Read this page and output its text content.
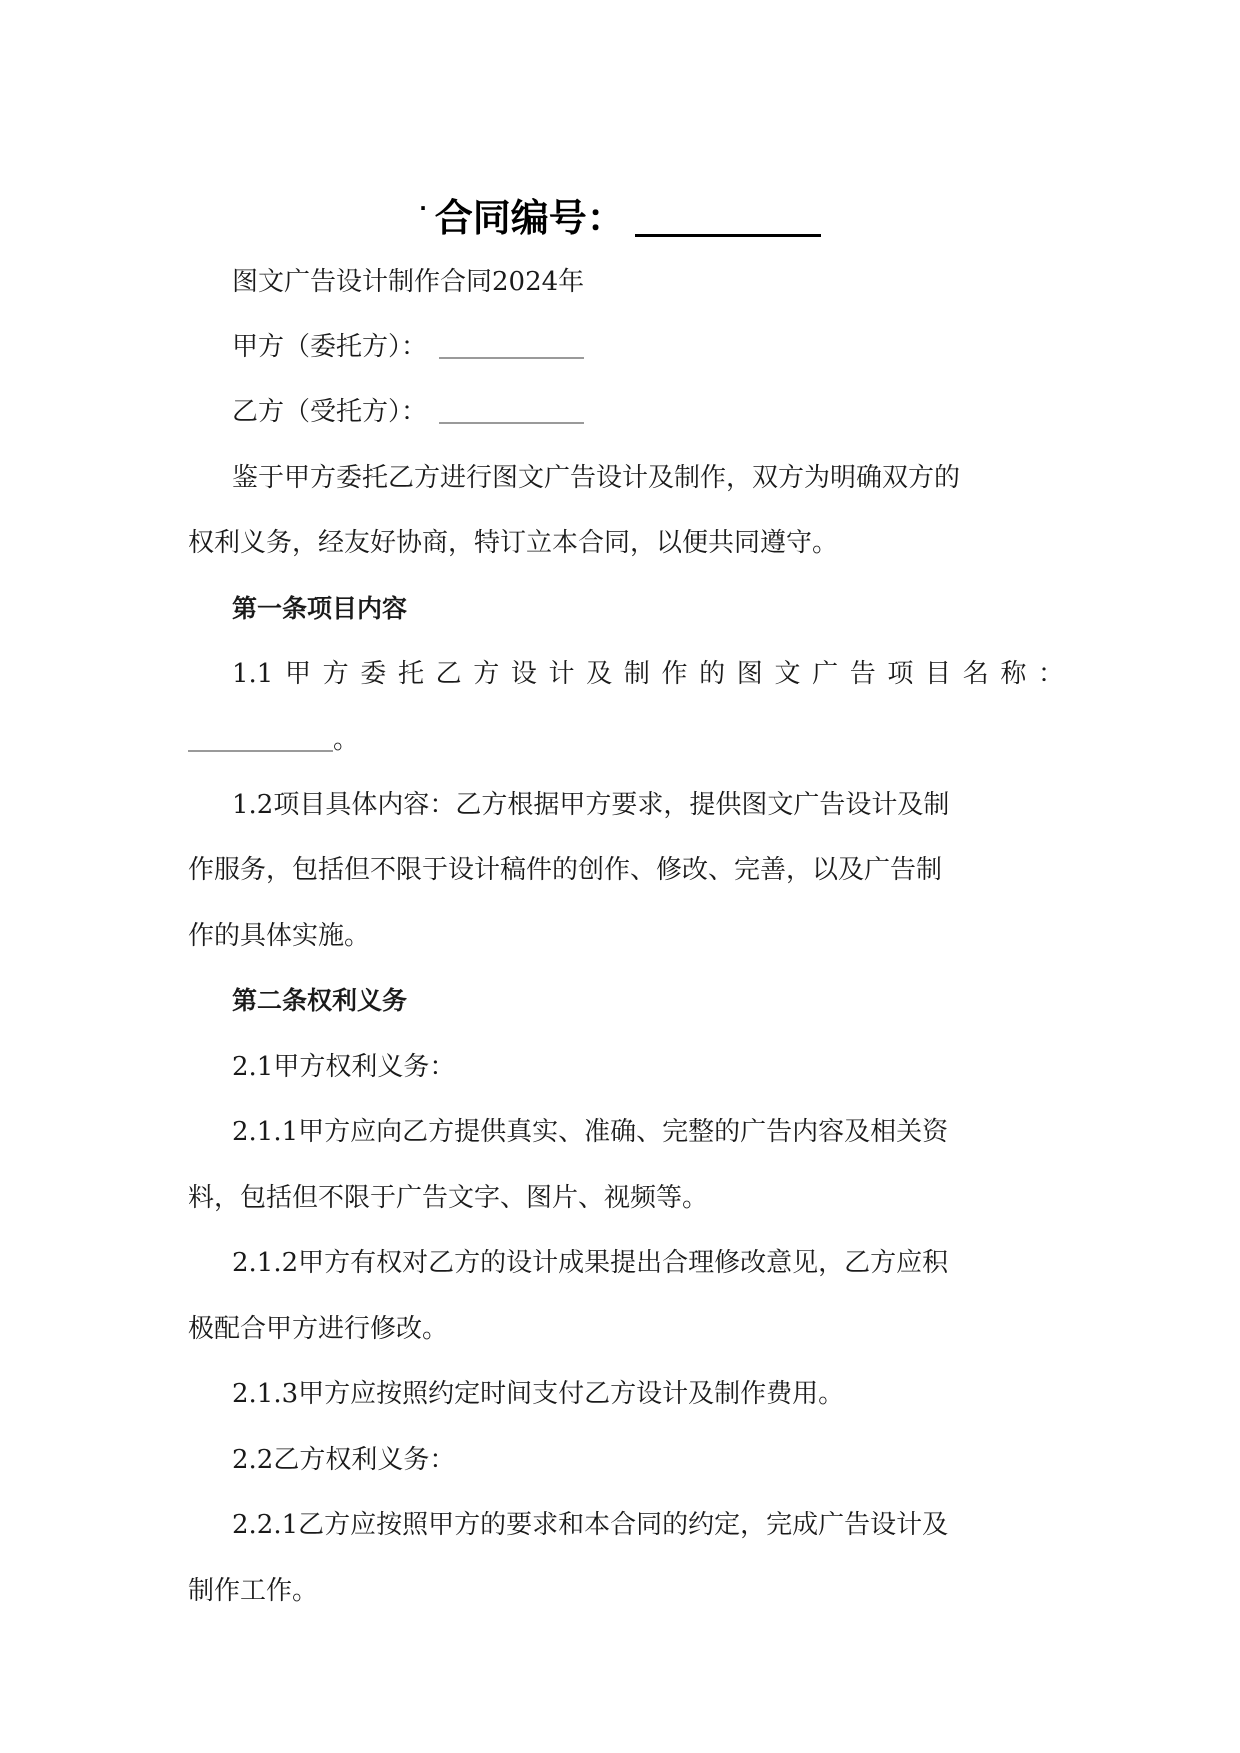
· 合同编号：
图文广告设计制作合同2024年
甲方（委托方）：
乙方（受托方）：
鉴于甲方委托乙方进行图文广告设计及制作，双方为明确双方的
权利义务，经友好协商，特订立本合同，以便共同遵守。
第一条项目内容
1.1甲方委托乙方设计及制作的图文广告项目名称：
。
1.2项目具体内容：乙方根据甲方要求，提供图文广告设计及制
作服务，包括但不限于设计稿件的创作、修改、完善，以及广告制
作的具体实施。
第二条权利义务
2.1甲方权利义务：
2.1.1甲方应向乙方提供真实、准确、完整的广告内容及相关资
料，包括但不限于广告文字、图片、视频等。
2.1.2甲方有权对乙方的设计成果提出合理修改意见，乙方应积
极配合甲方进行修改。
2.1.3甲方应按照约定时间支付乙方设计及制作费用。
2.2乙方权利义务：
2.2.1乙方应按照甲方的要求和本合同的约定，完成广告设计及
制作工作。
